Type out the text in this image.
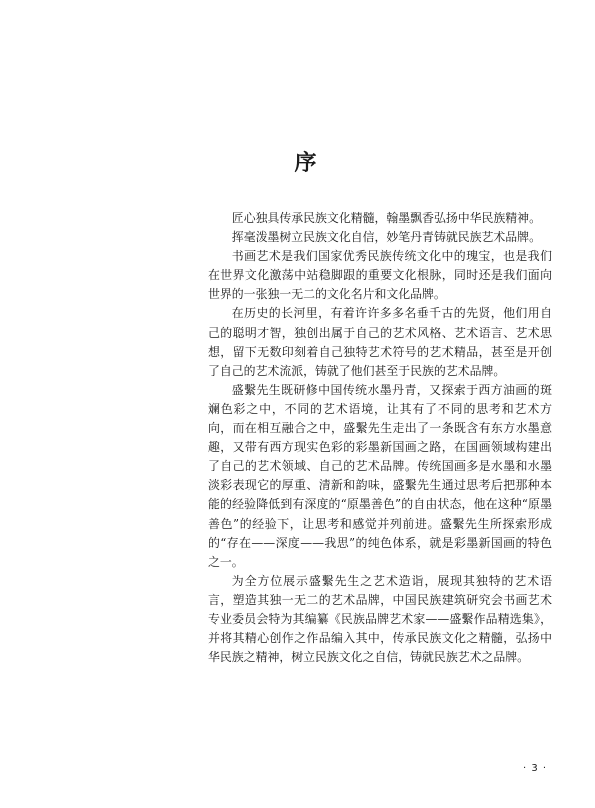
序

匠心独具传承民族文化精髓，翰墨飘香弘扬中华民族精神。

挥毫泼墨树立民族文化自信，妙笔丹青铸就民族艺术品牌。

书画艺术是我们国家优秀民族传统文化中的瑰宝，也是我们在世界文化激荡中站稳脚跟的重要文化根脉，同时还是我们面向世界的一张独一无二的文化名片和文化品牌。

在历史的长河里，有着许许多多名垂千古的先贤，他们用自己的聪明才智，独创出属于自己的艺术风格、艺术语言、艺术思想，留下无数印刻着自己独特艺术符号的艺术精品，甚至是开创了自己的艺术流派，铸就了他们甚至于民族的艺术品牌。

盛繫先生既研修中国传统水墨丹青，又探索于西方油画的斑斓色彩之中，不同的艺术语境，让其有了不同的思考和艺术方向，而在相互融合之中，盛繫先生走出了一条既含有东方水墨意趣，又带有西方现实色彩的彩墨新国画之路，在国画领域构建出了自己的艺术领域、自己的艺术品牌。传统国画多是水墨和水墨淡彩表现它的厚重、清新和韵味，盛繫先生通过思考后把那种本能的经验降低到有深度的“原墨善色”的自由状态，他在这种“原墨善色”的经验下，让思考和感觉并列前进。盛繫先生所探索形成的“存在——深度——我思”的纯色体系，就是彩墨新国画的特色之一。

为全方位展示盛繫先生之艺术造诣，展现其独特的艺术语言，塑造其独一无二的艺术品牌，中国民族建筑研究会书画艺术专业委员会特为其编纂《民族品牌艺术家——盛繫作品精选集》，并将其精心创作之作品编入其中，传承民族文化之精髓，弘扬中华民族之精神，树立民族文化之自信，铸就民族艺术之品牌。

· 3 ·
